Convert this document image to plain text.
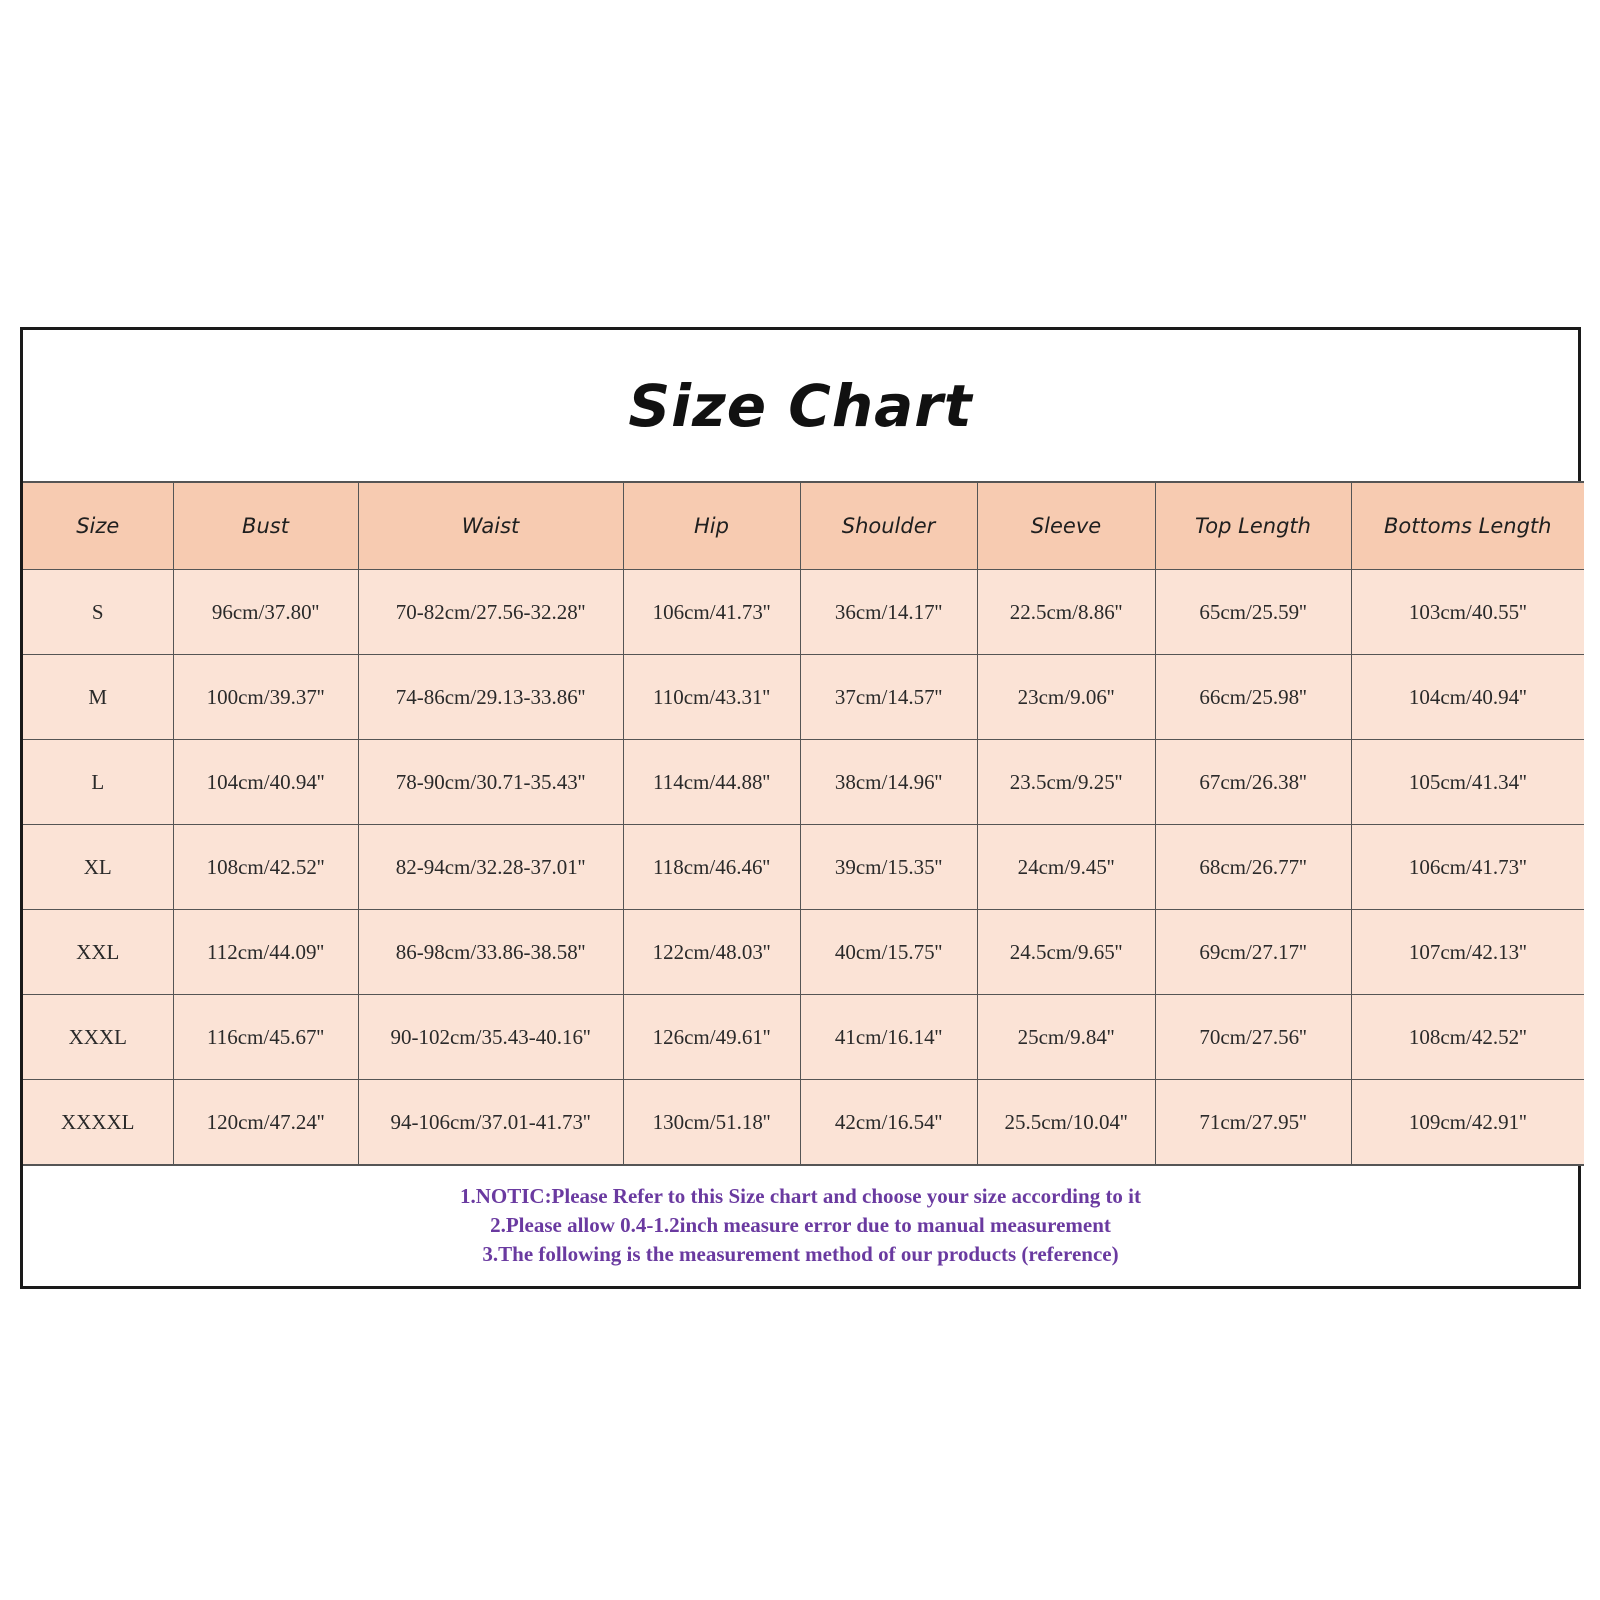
Size Chart
Size	Bust	Waist	Hip	Shoulder	Sleeve	Top Length	Bottoms Length
S	96cm/37.80''	70-82cm/27.56-32.28''	106cm/41.73''	36cm/14.17''	22.5cm/8.86''	65cm/25.59''	103cm/40.55''
M	100cm/39.37''	74-86cm/29.13-33.86''	110cm/43.31''	37cm/14.57''	23cm/9.06''	66cm/25.98''	104cm/40.94''
L	104cm/40.94''	78-90cm/30.71-35.43''	114cm/44.88''	38cm/14.96''	23.5cm/9.25''	67cm/26.38''	105cm/41.34''
XL	108cm/42.52''	82-94cm/32.28-37.01''	118cm/46.46''	39cm/15.35''	24cm/9.45''	68cm/26.77''	106cm/41.73''
XXL	112cm/44.09''	86-98cm/33.86-38.58''	122cm/48.03''	40cm/15.75''	24.5cm/9.65''	69cm/27.17''	107cm/42.13''
XXXL	116cm/45.67''	90-102cm/35.43-40.16''	126cm/49.61''	41cm/16.14''	25cm/9.84''	70cm/27.56''	108cm/42.52''
XXXXL	120cm/47.24''	94-106cm/37.01-41.73''	130cm/51.18''	42cm/16.54''	25.5cm/10.04''	71cm/27.95''	109cm/42.91''
1.NOTIC:Please Refer to this Size chart and choose your size according to it
2.Please allow 0.4-1.2inch measure error due to manual measurement
3.The following is the measurement method of our products (reference)
